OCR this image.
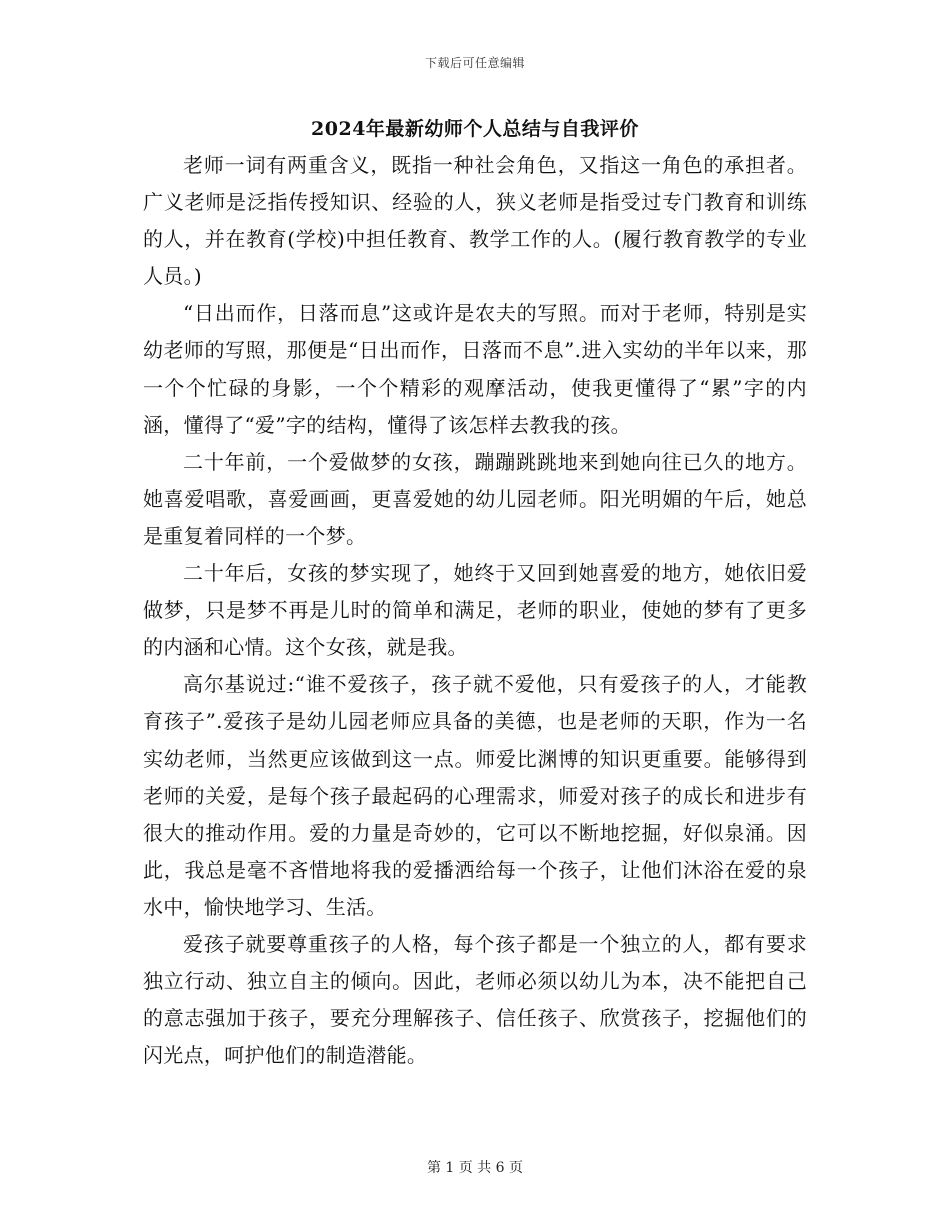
下载后可任意编辑
2024年最新幼师个人总结与自我评价

老师一词有两重含义，既指一种社会角色，又指这一角色的承担者。广义老师是泛指传授知识、经验的人，狭义老师是指受过专门教育和训练的人，并在教育(学校)中担任教育、教学工作的人。(履行教育教学的专业人员。)

“日出而作，日落而息”这或许是农夫的写照。而对于老师，特别是实幼老师的写照，那便是“日出而作，日落而不息”.进入实幼的半年以来，那一个个忙碌的身影，一个个精彩的观摩活动，使我更懂得了“累”字的内涵，懂得了“爱”字的结构，懂得了该怎样去教我的孩。

二十年前，一个爱做梦的女孩，蹦蹦跳跳地来到她向往已久的地方。她喜爱唱歌，喜爱画画，更喜爱她的幼儿园老师。阳光明媚的午后，她总是重复着同样的一个梦。

二十年后，女孩的梦实现了，她终于又回到她喜爱的地方，她依旧爱做梦，只是梦不再是儿时的简单和满足，老师的职业，使她的梦有了更多的内涵和心情。这个女孩，就是我。

高尔基说过:“谁不爱孩子，孩子就不爱他，只有爱孩子的人，才能教育孩子”.爱孩子是幼儿园老师应具备的美德，也是老师的天职，作为一名实幼老师，当然更应该做到这一点。师爱比渊博的知识更重要。能够得到老师的关爱，是每个孩子最起码的心理需求，师爱对孩子的成长和进步有很大的推动作用。爱的力量是奇妙的，它可以不断地挖掘，好似泉涌。因此，我总是毫不吝惜地将我的爱播洒给每一个孩子，让他们沐浴在爱的泉水中，愉快地学习、生活。

爱孩子就要尊重孩子的人格，每个孩子都是一个独立的人，都有要求独立行动、独立自主的倾向。因此，老师必须以幼儿为本，决不能把自己的意志强加于孩子，要充分理解孩子、信任孩子、欣赏孩子，挖掘他们的闪光点，呵护他们的制造潜能。

第 1 页 共 6 页
